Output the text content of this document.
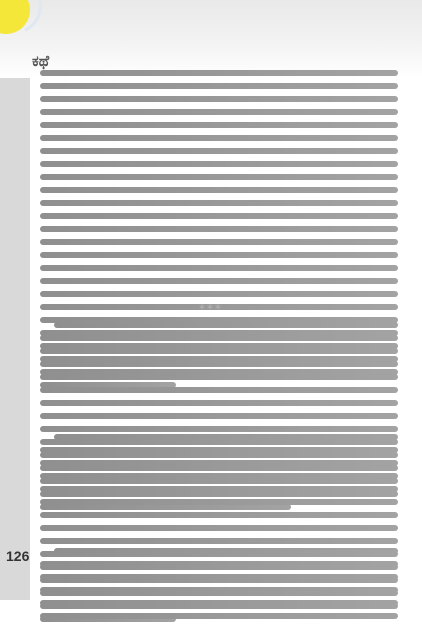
ಕಥೆ
***
126
